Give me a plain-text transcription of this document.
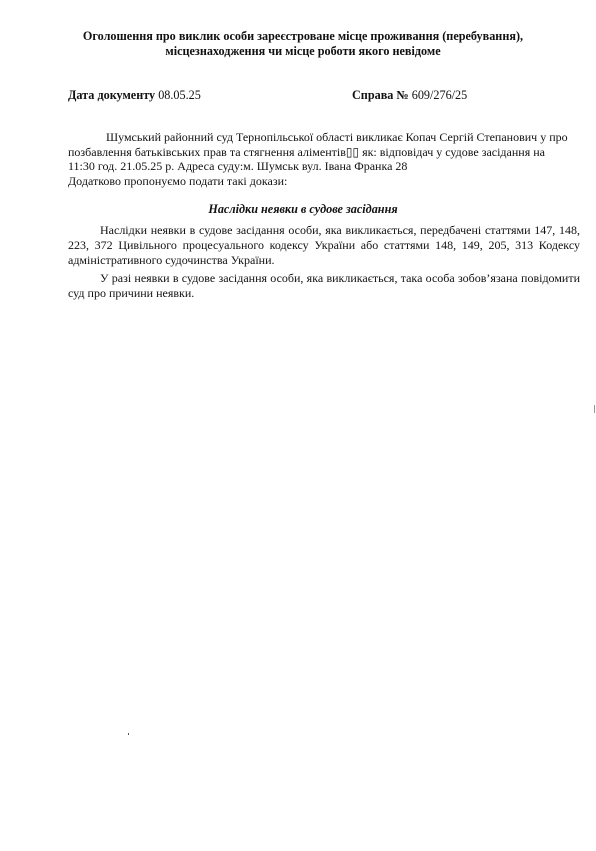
Оголошення про виклик особи зареєстроване місце проживання (перебування),
місцезнаходження чи місце роботи якого невідоме
Дата документу 08.05.25	Справа № 609/276/25
Шумський районний суд Тернопільської області викликає Копач Сергій Степанович у про
позбавлення батьківських прав та стягнення аліментів▯▯ як: відповідач у судове засідання на
11:30 год. 21.05.25 р. Адреса суду:м. Шумськ вул. Івана Франка 28
Додатково пропонуємо подати такі докази:
Наслідки неявки в судове засідання
Наслідки неявки в судове засідання особи, яка викликається, передбачені статтями 147, 148, 223, 372 Цивільного процесуального кодексу України або статтями 148, 149, 205, 313 Кодексу адміністративного судочинства України.
У разі неявки в судове засідання особи, яка викликається, така особа зобов’язана повідомити суд про причини неявки.
